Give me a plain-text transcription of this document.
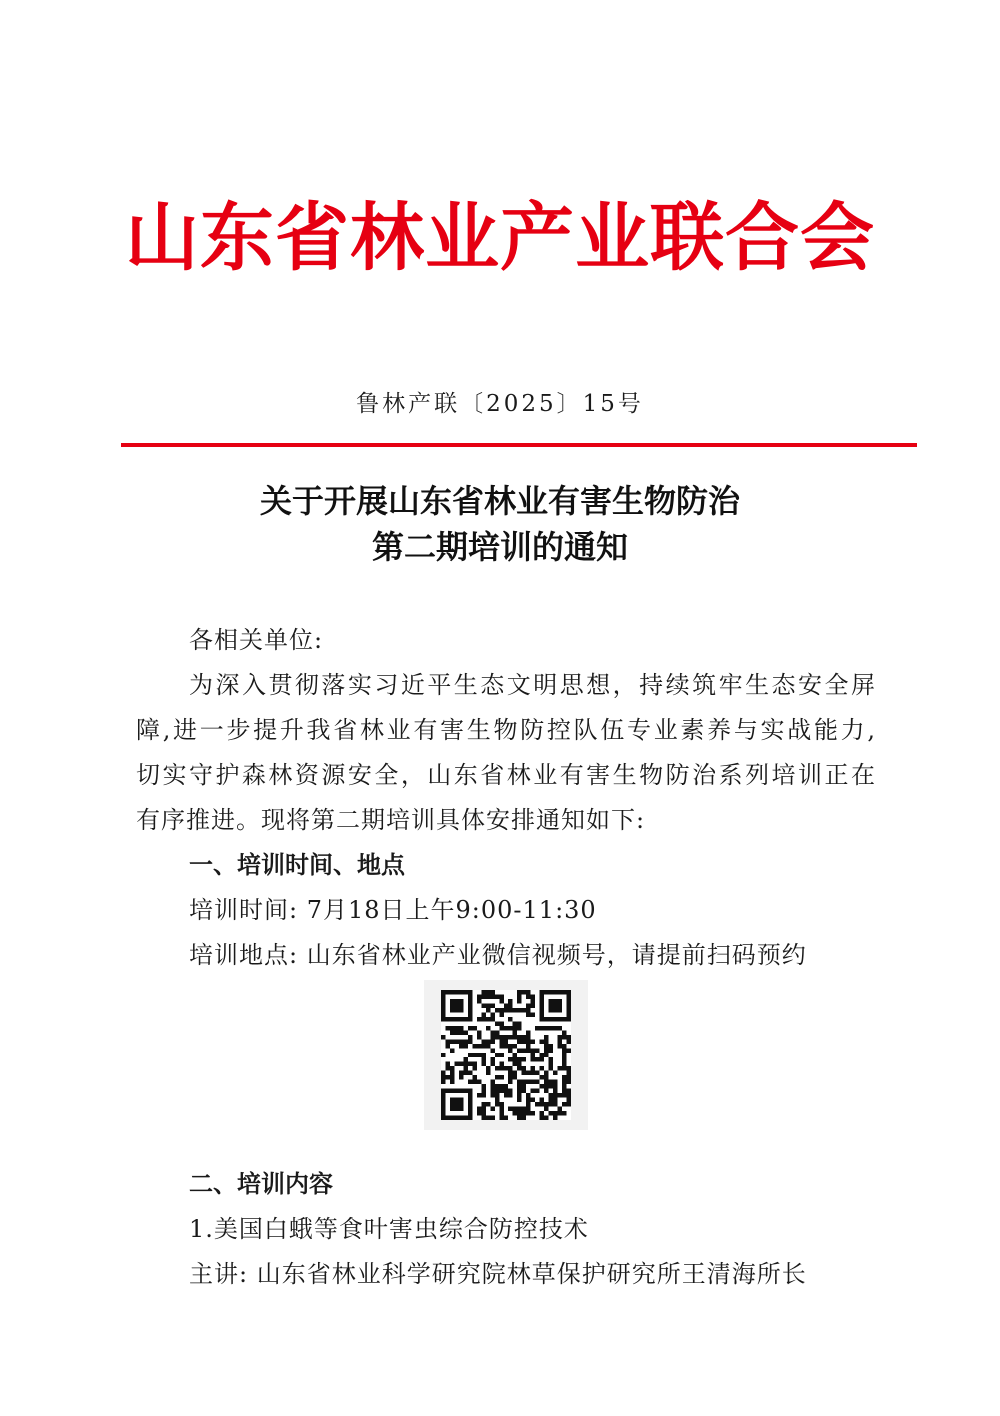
山东省林业产业联合会
鲁林产联〔2025〕15号
关于开展山东省林业有害生物防治
第二期培训的通知
各相关单位:
为深入贯彻落实习近平生态文明思想，持续筑牢生态安全屏
障,进一步提升我省林业有害生物防控队伍专业素养与实战能力,
切实守护森林资源安全，山东省林业有害生物防治系列培训正在
有序推进。现将第二期培训具体安排通知如下:
一、培训时间、地点
培训时间: 7月18日上午9:00-11:30
培训地点: 山东省林业产业微信视频号，请提前扫码预约
二、培训内容
1.美国白蛾等食叶害虫综合防控技术
主讲: 山东省林业科学研究院林草保护研究所王清海所长
